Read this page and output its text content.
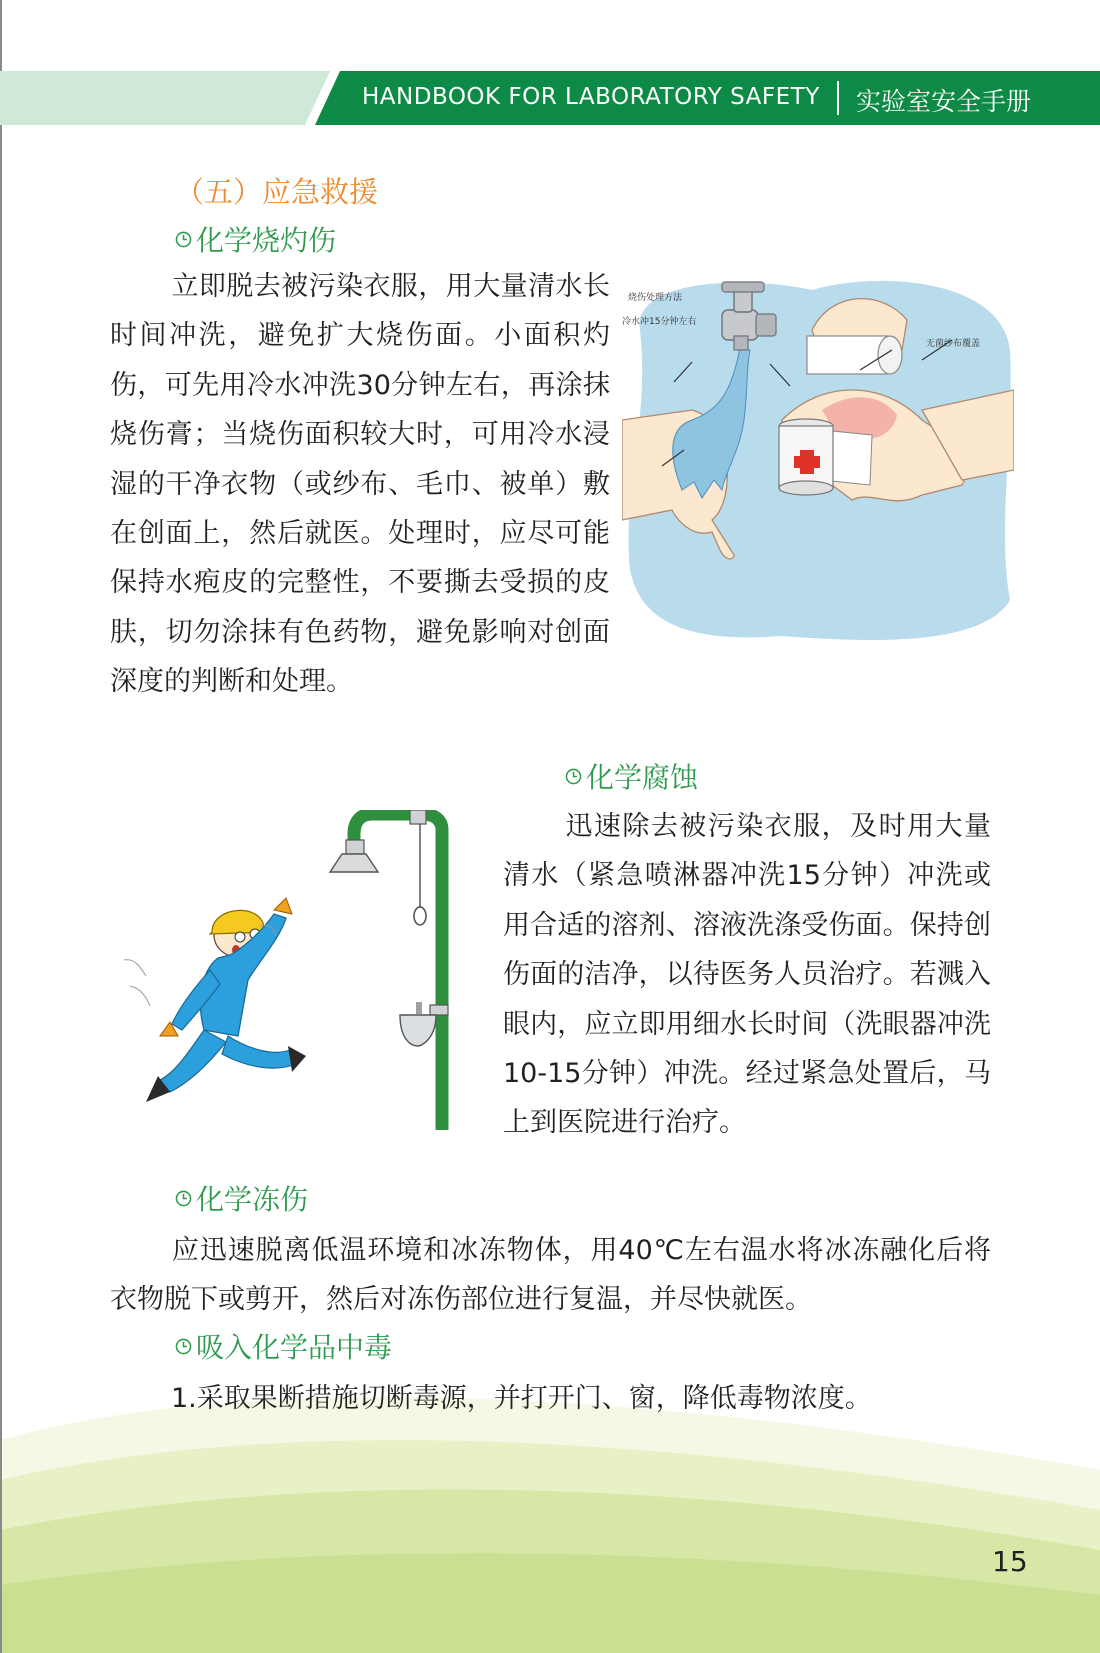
HANDBOOK FOR LABORATORY SAFETY 实验室安全手册
（五）应急救援
化学烧灼伤

立即脱去被污染衣服，用大量清水长时间冲洗，避免扩大烧伤面。小面积灼伤，可先用冷水冲洗30分钟左右，再涂抹烧伤膏；当烧伤面积较大时，可用冷水浸湿的干净衣物（或纱布、毛巾、被单）敷在创面上，然后就医。处理时，应尽可能保持水疱皮的完整性，不要撕去受损的皮肤，切勿涂抹有色药物，避免影响对创面深度的判断和处理。

烧伤处理方法
冷水冲15分钟左右
无菌纱布覆盖
化学腐蚀

迅速除去被污染衣服，及时用大量清水（紧急喷淋器冲洗15分钟）冲洗或用合适的溶剂、溶液洗涤受伤面。保持创伤面的洁净，以待医务人员治疗。若溅入眼内，应立即用细水长时间（洗眼器冲洗10-15分钟）冲洗。经过紧急处置后，马上到医院进行治疗。

化学冻伤

应迅速脱离低温环境和冰冻物体，用40℃左右温水将冰冻融化后将衣物脱下或剪开，然后对冻伤部位进行复温，并尽快就医。

吸入化学品中毒

1.采取果断措施切断毒源，并打开门、窗，降低毒物浓度。

15
